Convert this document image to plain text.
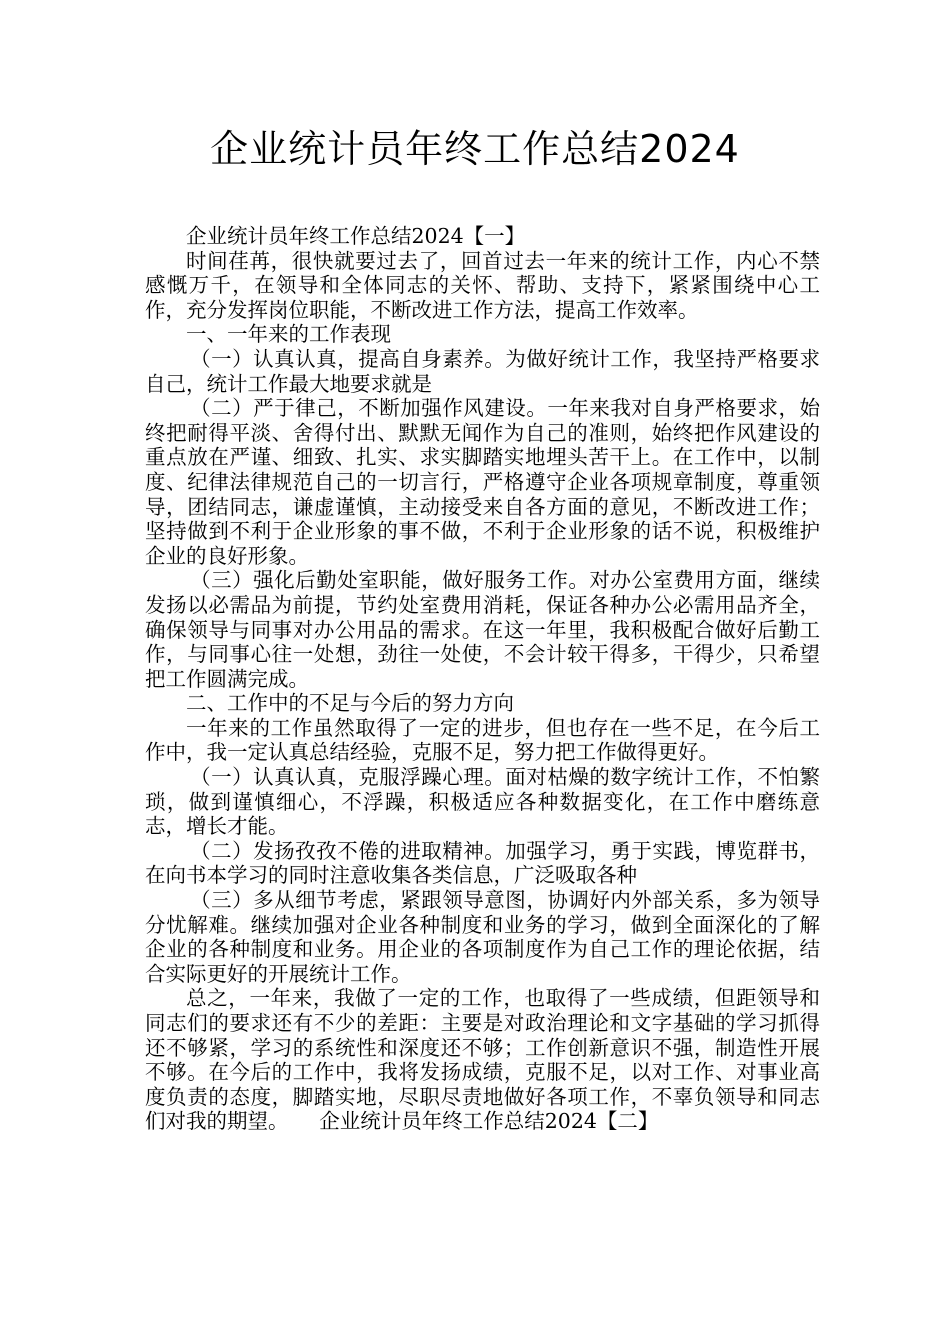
企业统计员年终工作总结2024

企业统计员年终工作总结2024【一】

时间荏苒，很快就要过去了，回首过去一年来的统计工作，内心不禁感慨万千，在领导和全体同志的关怀、帮助、支持下，紧紧围绕中心工作，充分发挥岗位职能，不断改进工作方法，提高工作效率。

一、一年来的工作表现

（一）认真认真，提高自身素养。为做好统计工作，我坚持严格要求自己，统计工作最大地要求就是

（二）严于律己，不断加强作风建设。一年来我对自身严格要求，始终把耐得平淡、舍得付出、默默无闻作为自己的准则，始终把作风建设的重点放在严谨、细致、扎实、求实脚踏实地埋头苦干上。在工作中，以制度、纪律法律规范自己的一切言行，严格遵守企业各项规章制度，尊重领导，团结同志，谦虚谨慎，主动接受来自各方面的意见，不断改进工作；坚持做到不利于企业形象的事不做，不利于企业形象的话不说，积极维护企业的良好形象。

（三）强化后勤处室职能，做好服务工作。对办公室费用方面，继续发扬以必需品为前提，节约处室费用消耗，保证各种办公必需用品齐全，确保领导与同事对办公用品的需求。在这一年里，我积极配合做好后勤工作，与同事心往一处想，劲往一处使，不会计较干得多，干得少，只希望把工作圆满完成。

二、工作中的不足与今后的努力方向

一年来的工作虽然取得了一定的进步，但也存在一些不足，在今后工作中，我一定认真总结经验，克服不足，努力把工作做得更好。

（一）认真认真，克服浮躁心理。面对枯燥的数字统计工作，不怕繁琐，做到谨慎细心，不浮躁，积极适应各种数据变化，在工作中磨练意志，增长才能。

（二）发扬孜孜不倦的进取精神。加强学习，勇于实践，博览群书，在向书本学习的同时注意收集各类信息，广泛吸取各种

（三）多从细节考虑，紧跟领导意图，协调好内外部关系，多为领导分忧解难。继续加强对企业各种制度和业务的学习，做到全面深化的了解企业的各种制度和业务。用企业的各项制度作为自己工作的理论依据，结合实际更好的开展统计工作。

总之，一年来，我做了一定的工作，也取得了一些成绩，但距领导和同志们的要求还有不少的差距：主要是对政治理论和文字基础的学习抓得还不够紧，学习的系统性和深度还不够；工作创新意识不强，制造性开展不够。在今后的工作中，我将发扬成绩，克服不足，以对工作、对事业高度负责的态度，脚踏实地，尽职尽责地做好各项工作，不辜负领导和同志们对我的期望。　　企业统计员年终工作总结2024【二】
